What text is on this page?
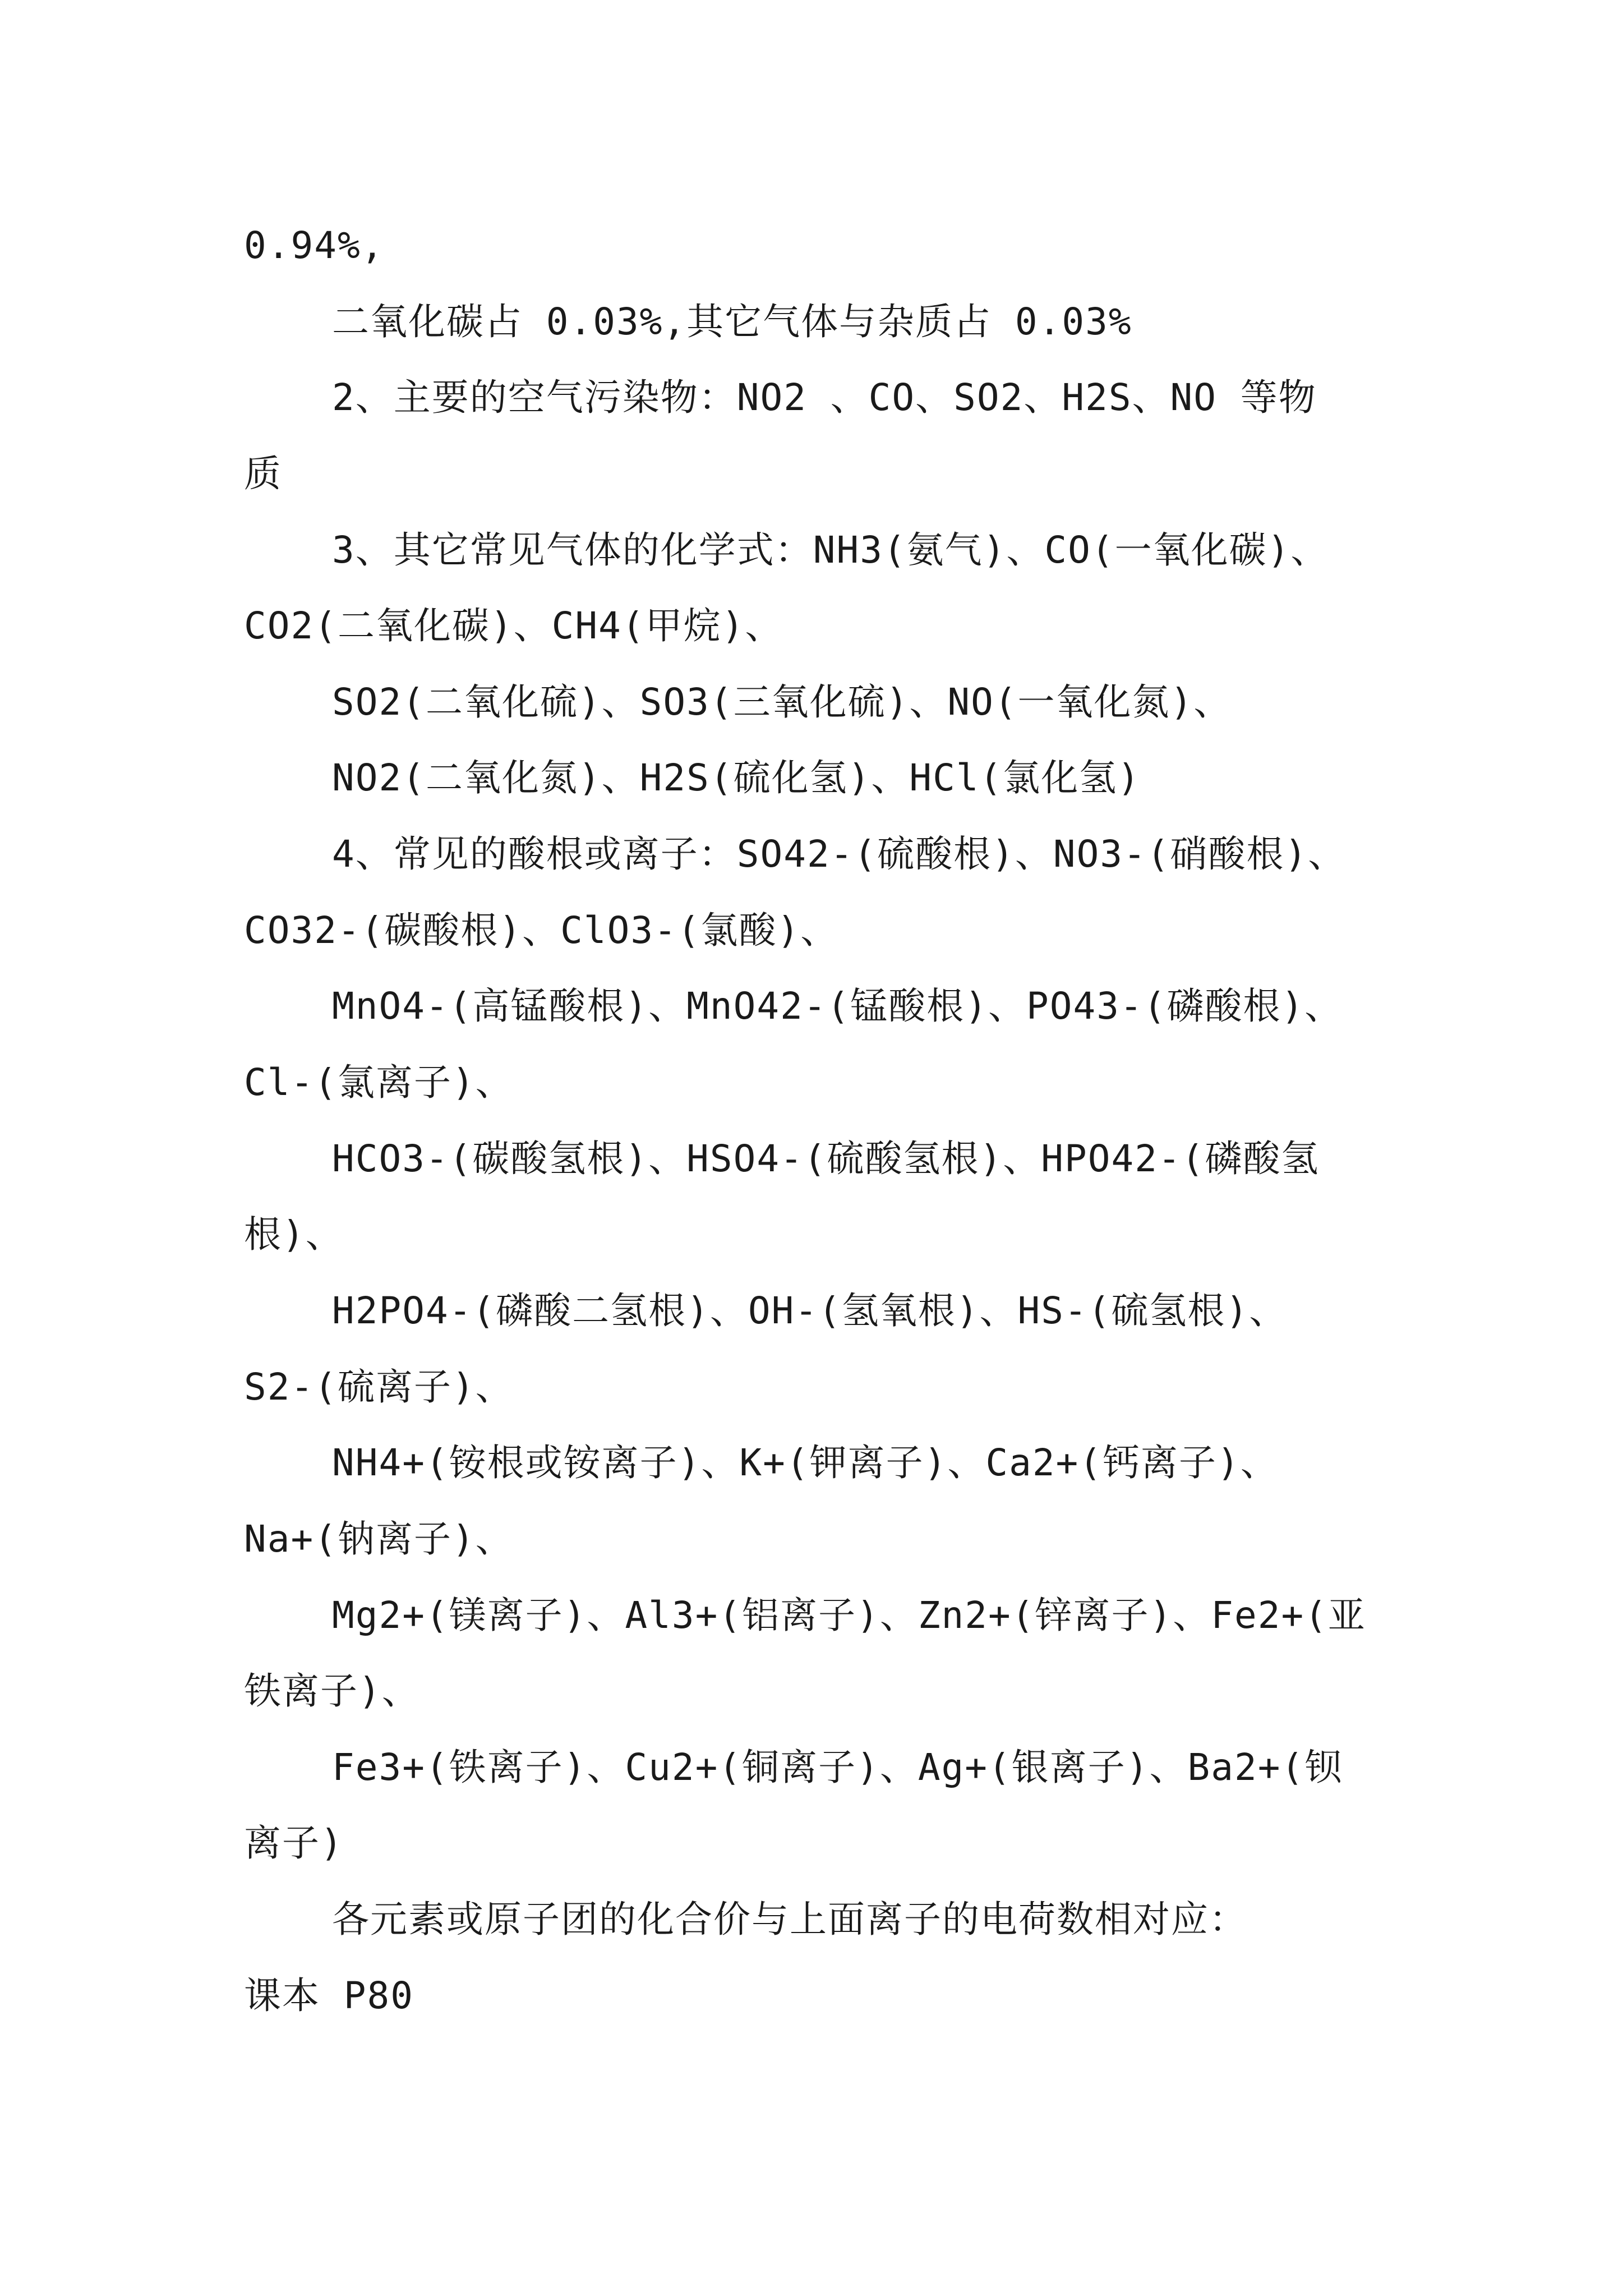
0.94%,
二氧化碳占 0.03%,其它气体与杂质占 0.03%
2、主要的空气污染物：NO2 、CO、SO2、H2S、NO 等物
质
3、其它常见气体的化学式：NH3(氨气)、CO(一氧化碳)、
CO2(二氧化碳)、CH4(甲烷)、
SO2(二氧化硫)、SO3(三氧化硫)、NO(一氧化氮)、
NO2(二氧化氮)、H2S(硫化氢)、HCl(氯化氢)
4、常见的酸根或离子：SO42-(硫酸根)、NO3-(硝酸根)、
CO32-(碳酸根)、ClO3-(氯酸)、
MnO4-(高锰酸根)、MnO42-(锰酸根)、PO43-(磷酸根)、
Cl-(氯离子)、
HCO3-(碳酸氢根)、HSO4-(硫酸氢根)、HPO42-(磷酸氢
根)、
H2PO4-(磷酸二氢根)、OH-(氢氧根)、HS-(硫氢根)、
S2-(硫离子)、
NH4+(铵根或铵离子)、K+(钾离子)、Ca2+(钙离子)、
Na+(钠离子)、
Mg2+(镁离子)、Al3+(铝离子)、Zn2+(锌离子)、Fe2+(亚
铁离子)、
Fe3+(铁离子)、Cu2+(铜离子)、Ag+(银离子)、Ba2+(钡
离子)
各元素或原子团的化合价与上面离子的电荷数相对应：
课本 P80
